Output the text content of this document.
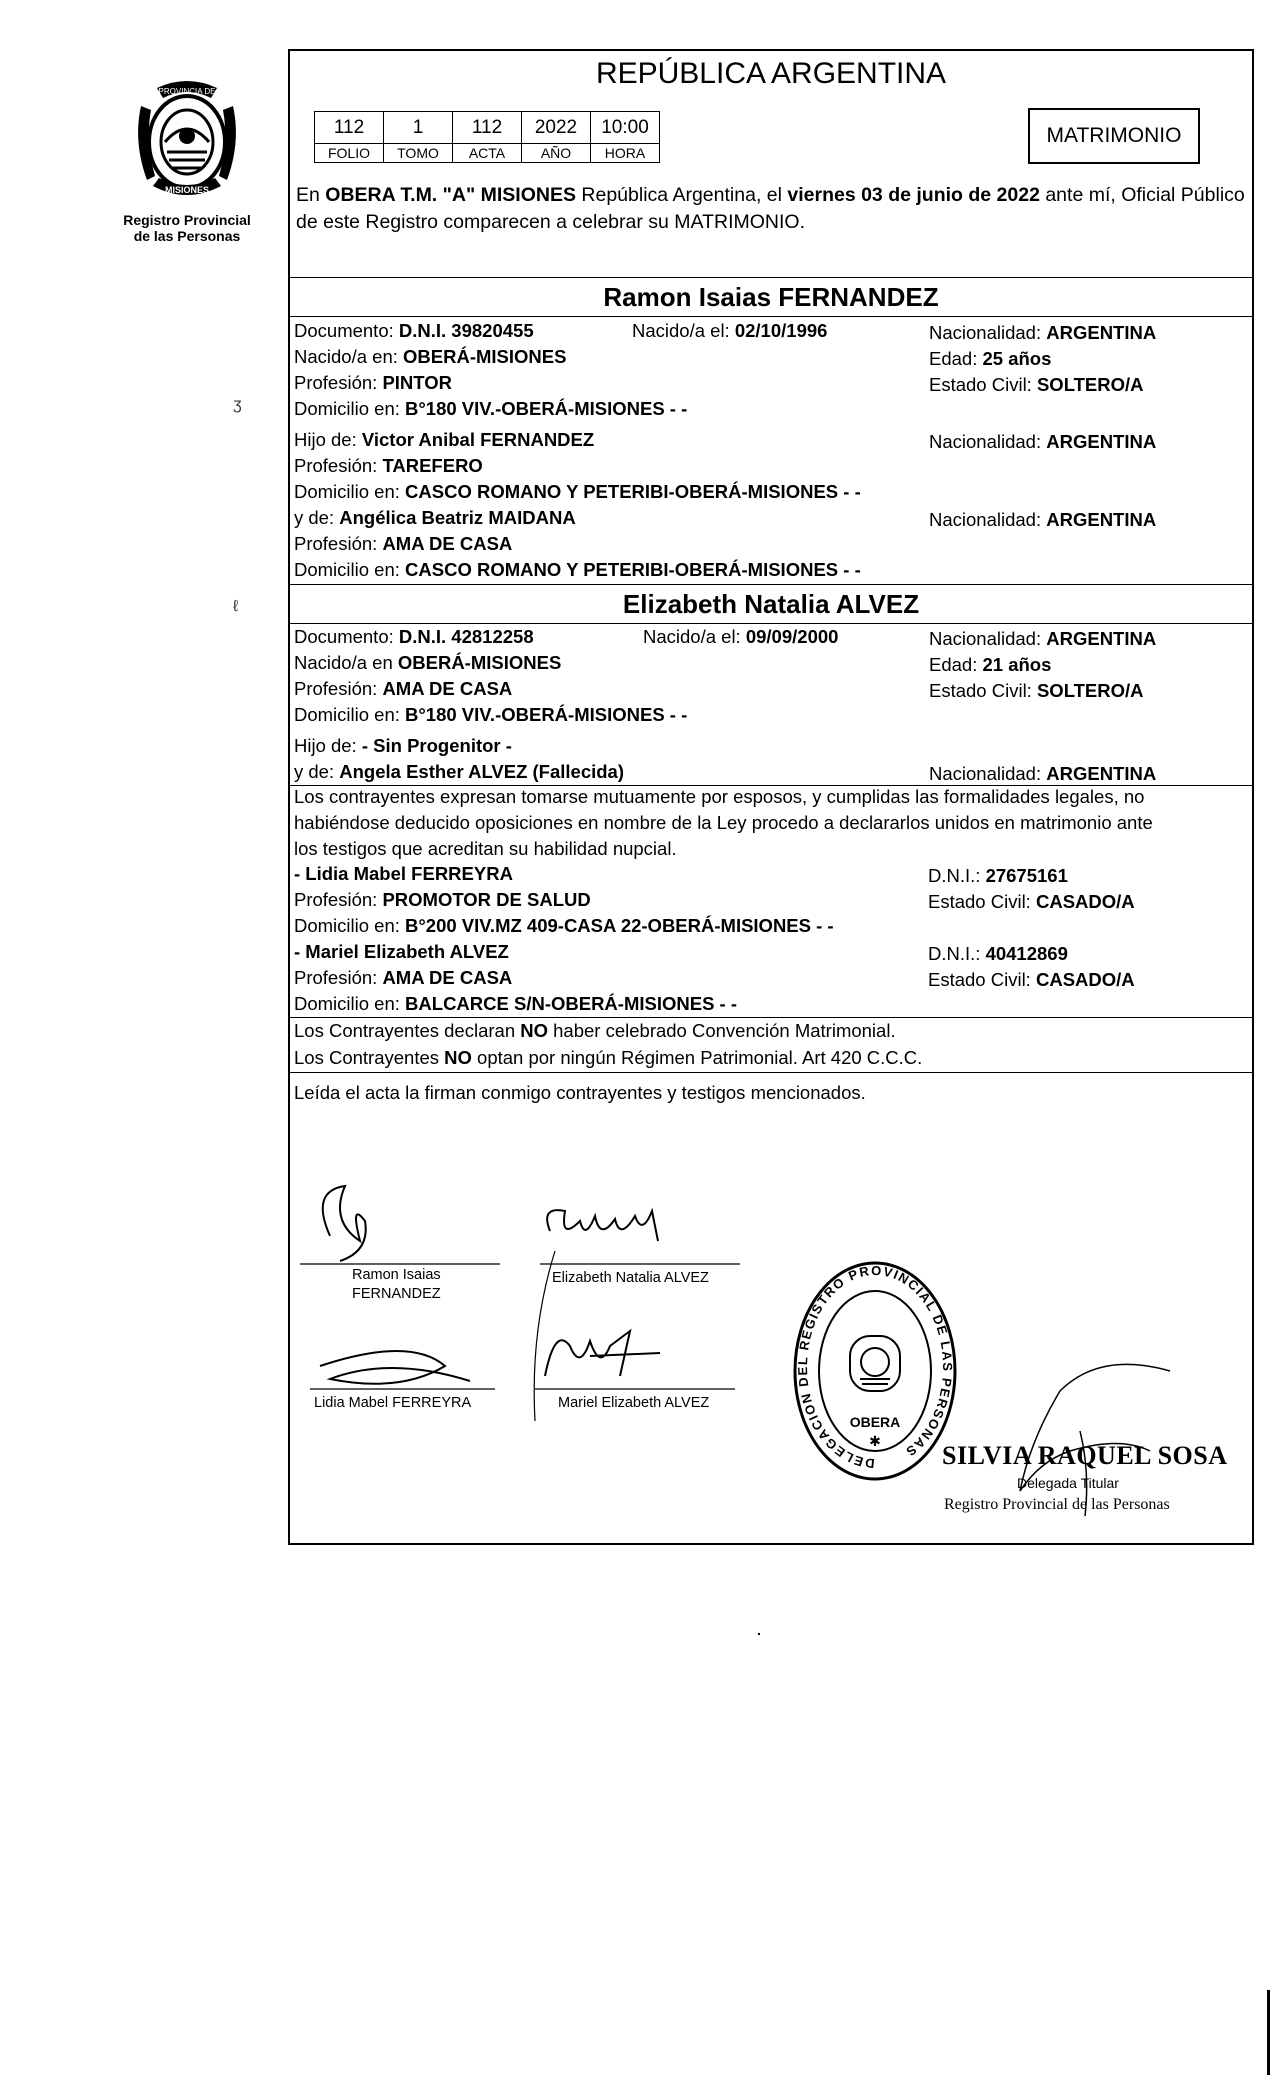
PROVINCIA DE
MISIONES
Registro Provincial
de las Personas
ʒ
ℓ
REPÚBLICA ARGENTINA
112	1	112	2022	10:00
FOLIO	TOMO	ACTA	AÑO	HORA
MATRIMONIO
En OBERA T.M. "A" MISIONES República Argentina, el viernes 03 de junio de 2022 ante mí, Oficial Público de este Registro comparecen a celebrar su MATRIMONIO.
Ramon Isaias FERNANDEZ
Documento: D.N.I. 39820455	Nacido/a el: 02/10/1996	Nacionalidad: ARGENTINA
Nacido/a en: OBERÁ-MISIONES	Edad: 25 años
Profesión: PINTOR	Estado Civil: SOLTERO/A
Domicilio en: B°180 VIV.-OBERÁ-MISIONES - -
Hijo de: Victor Anibal FERNANDEZ	Nacionalidad: ARGENTINA
Profesión: TAREFERO
Domicilio en: CASCO ROMANO Y PETERIBI-OBERÁ-MISIONES - -
y de: Angélica Beatriz MAIDANA	Nacionalidad: ARGENTINA
Profesión: AMA DE CASA
Domicilio en: CASCO ROMANO Y PETERIBI-OBERÁ-MISIONES - -
Elizabeth Natalia ALVEZ
Documento: D.N.I. 42812258	Nacido/a el: 09/09/2000	Nacionalidad: ARGENTINA
Nacido/a en OBERÁ-MISIONES	Edad: 21 años
Profesión: AMA DE CASA	Estado Civil: SOLTERO/A
Domicilio en: B°180 VIV.-OBERÁ-MISIONES - -
Hijo de: - Sin Progenitor -
y de: Angela Esther ALVEZ (Fallecida)	Nacionalidad: ARGENTINA
Los contrayentes expresan tomarse mutuamente por esposos, y cumplidas las formalidades legales, no
habiéndose deducido oposiciones en nombre de la Ley procedo a declararlos unidos en matrimonio ante
los testigos que acreditan su habilidad nupcial.
- Lidia Mabel FERREYRA	D.N.I.: 27675161
Profesión: PROMOTOR DE SALUD	Estado Civil: CASADO/A
Domicilio en: B°200 VIV.MZ 409-CASA 22-OBERÁ-MISIONES - -
- Mariel Elizabeth ALVEZ	D.N.I.: 40412869
Profesión: AMA DE CASA	Estado Civil: CASADO/A
Domicilio en: BALCARCE S/N-OBERÁ-MISIONES - -
Los Contrayentes declaran NO haber celebrado Convención Matrimonial.
Los Contrayentes NO optan por ningún Régimen Patrimonial. Art 420 C.C.C.
Leída el acta la firman conmigo contrayentes y testigos mencionados.
Ramon Isaias
FERNANDEZ
Elizabeth Natalia ALVEZ
Lidia Mabel FERREYRA	Mariel Elizabeth ALVEZ
DELEGACION DEL REGISTRO PROVINCIAL DE LAS PERSONAS
OBERA
✱ SILVIA RAQUEL SOSA
Delegada Titular
Registro Provincial de las Personas
